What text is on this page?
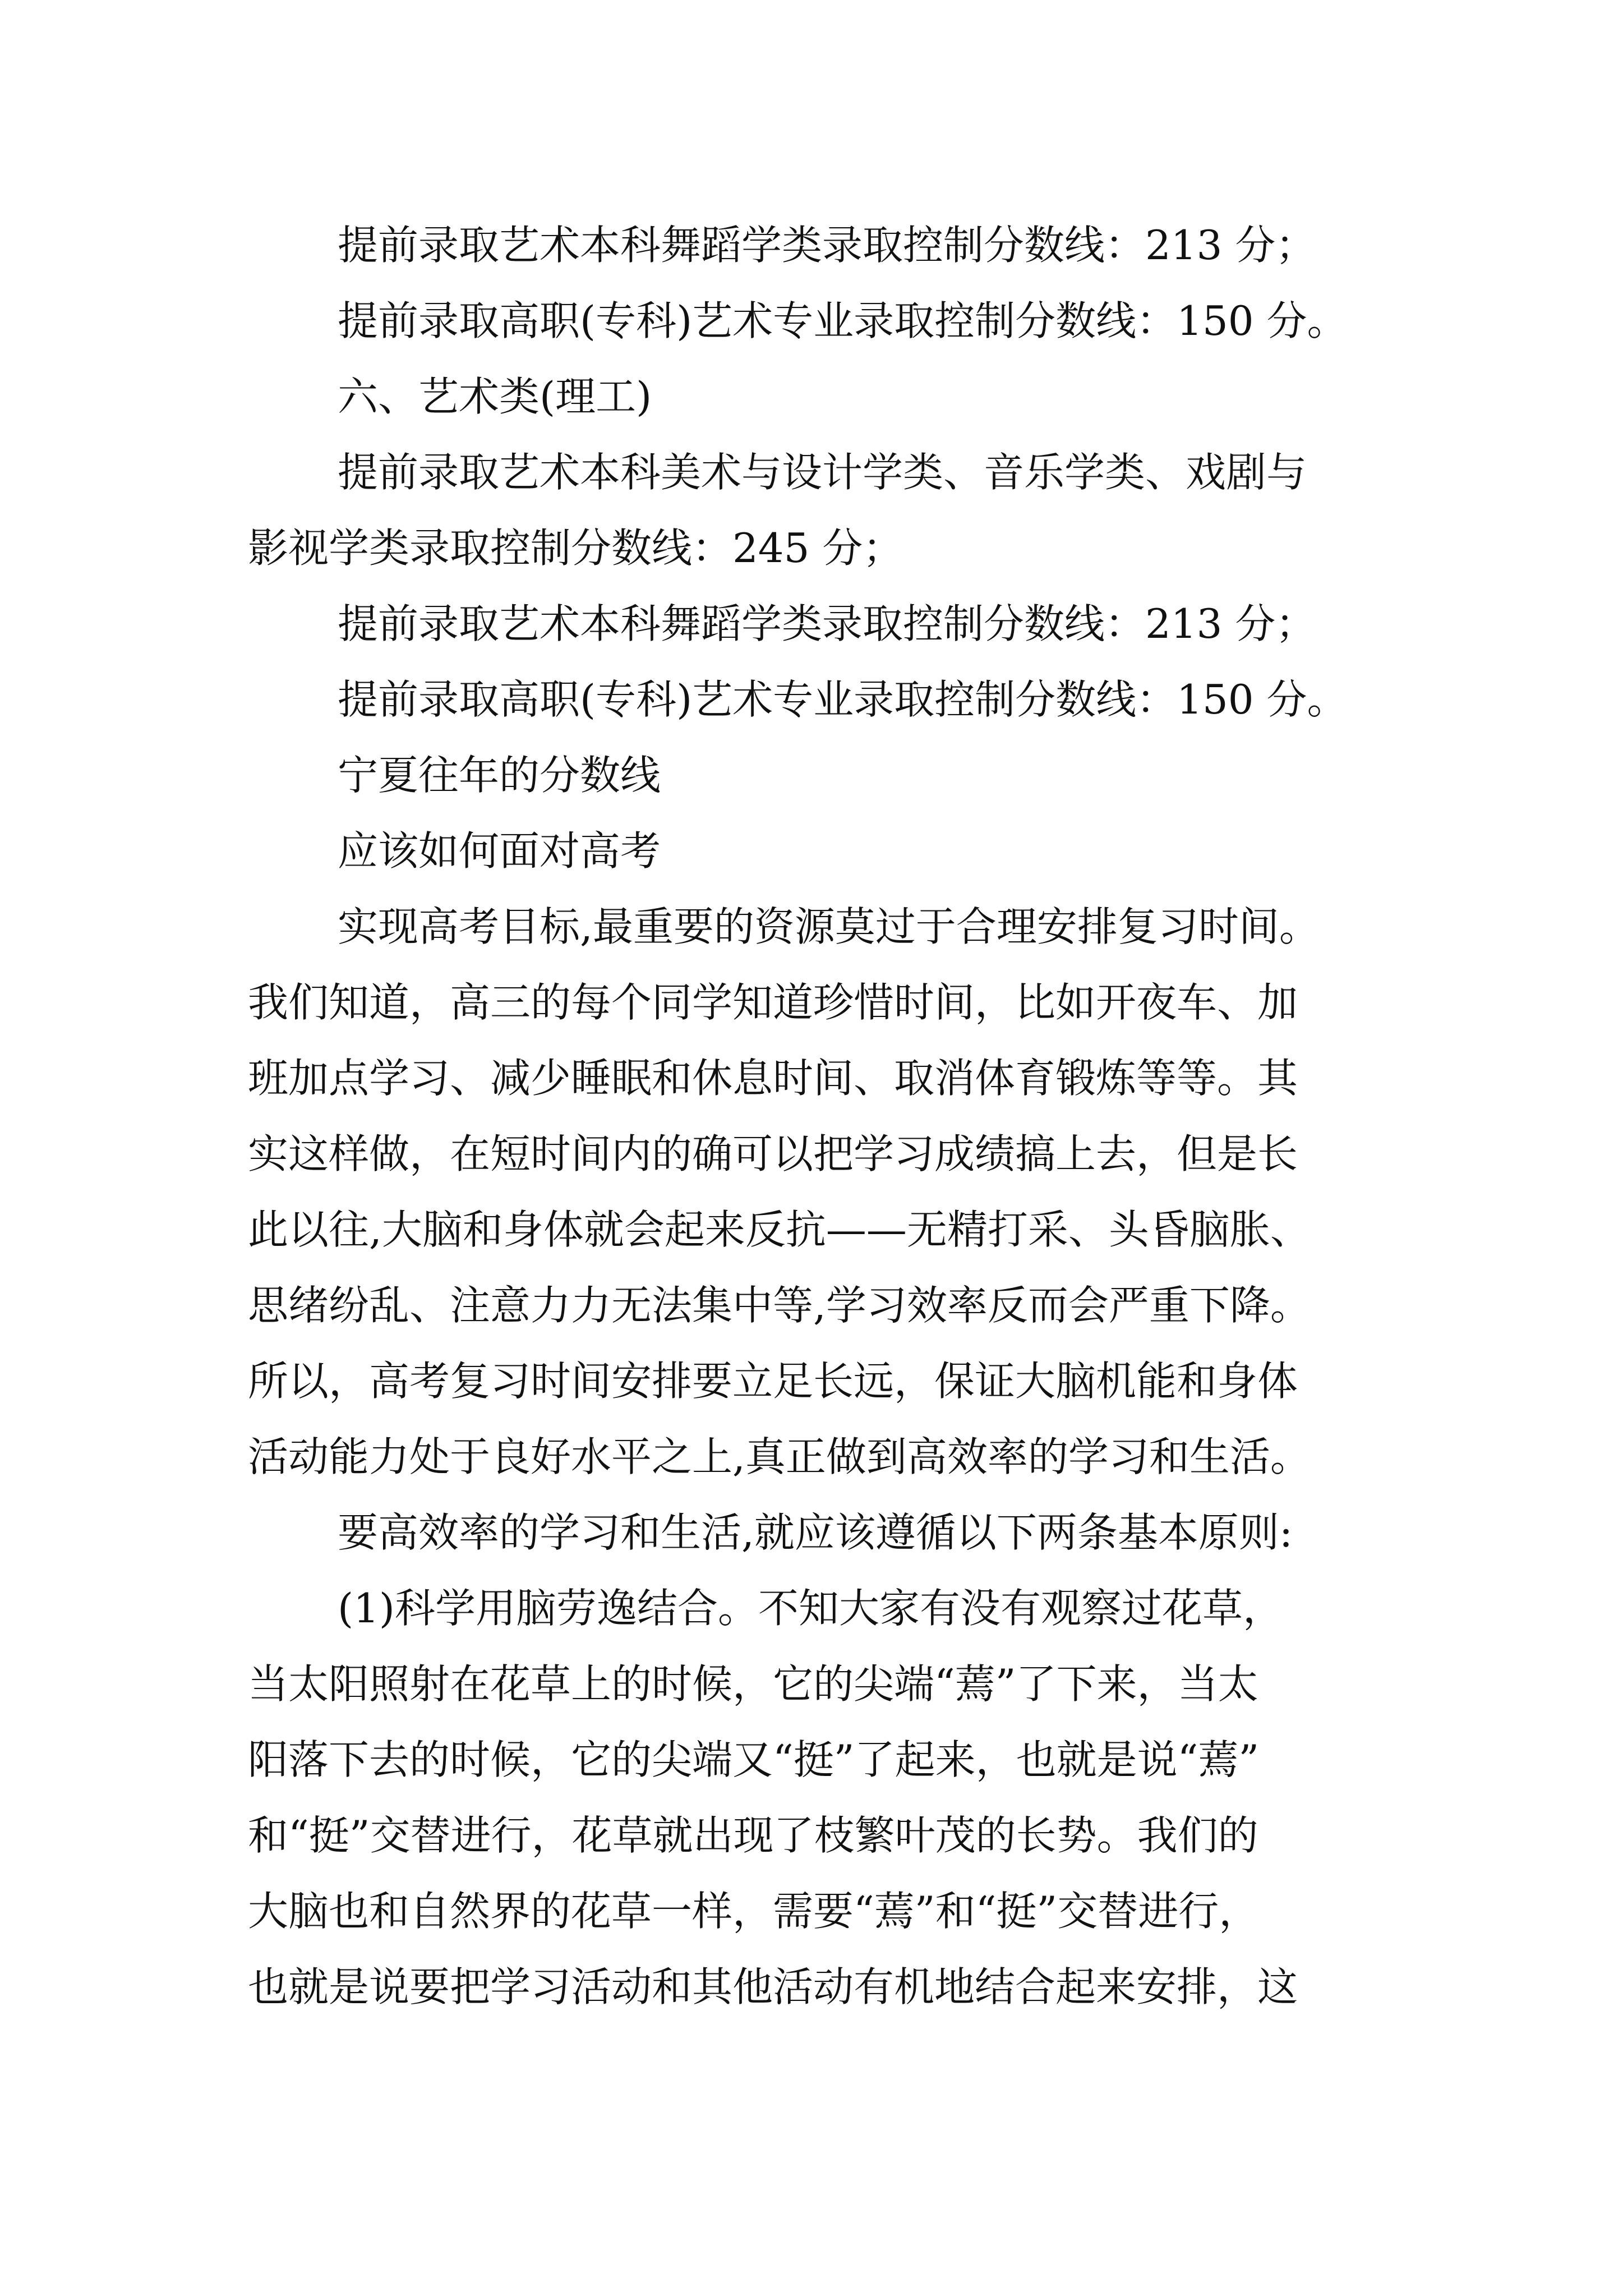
提前录取艺术本科舞蹈学类录取控制分数线：213 分；
提前录取高职(专科)艺术专业录取控制分数线：150 分。
六、艺术类(理工)
提前录取艺术本科美术与设计学类、音乐学类、戏剧与
影视学类录取控制分数线：245 分；
提前录取艺术本科舞蹈学类录取控制分数线：213 分；
提前录取高职(专科)艺术专业录取控制分数线：150 分。
宁夏往年的分数线
应该如何面对高考
实现高考目标,最重要的资源莫过于合理安排复习时间。
我们知道，高三的每个同学知道珍惜时间，比如开夜车、加
班加点学习、减少睡眠和休息时间、取消体育锻炼等等。其
实这样做，在短时间内的确可以把学习成绩搞上去，但是长
此以往,大脑和身体就会起来反抗——无精打采、头昏脑胀、
思绪纷乱、注意力力无法集中等,学习效率反而会严重下降。
所以，高考复习时间安排要立足长远，保证大脑机能和身体
活动能力处于良好水平之上,真正做到高效率的学习和生活。
要高效率的学习和生活,就应该遵循以下两条基本原则:
(1)科学用脑劳逸结合。不知大家有没有观察过花草，
当太阳照射在花草上的时候，它的尖端“蔫”了下来，当太
阳落下去的时候，它的尖端又“挺”了起来，也就是说“蔫”
和“挺”交替进行，花草就出现了枝繁叶茂的长势。我们的
大脑也和自然界的花草一样，需要“蔫”和“挺”交替进行，
也就是说要把学习活动和其他活动有机地结合起来安排，这
